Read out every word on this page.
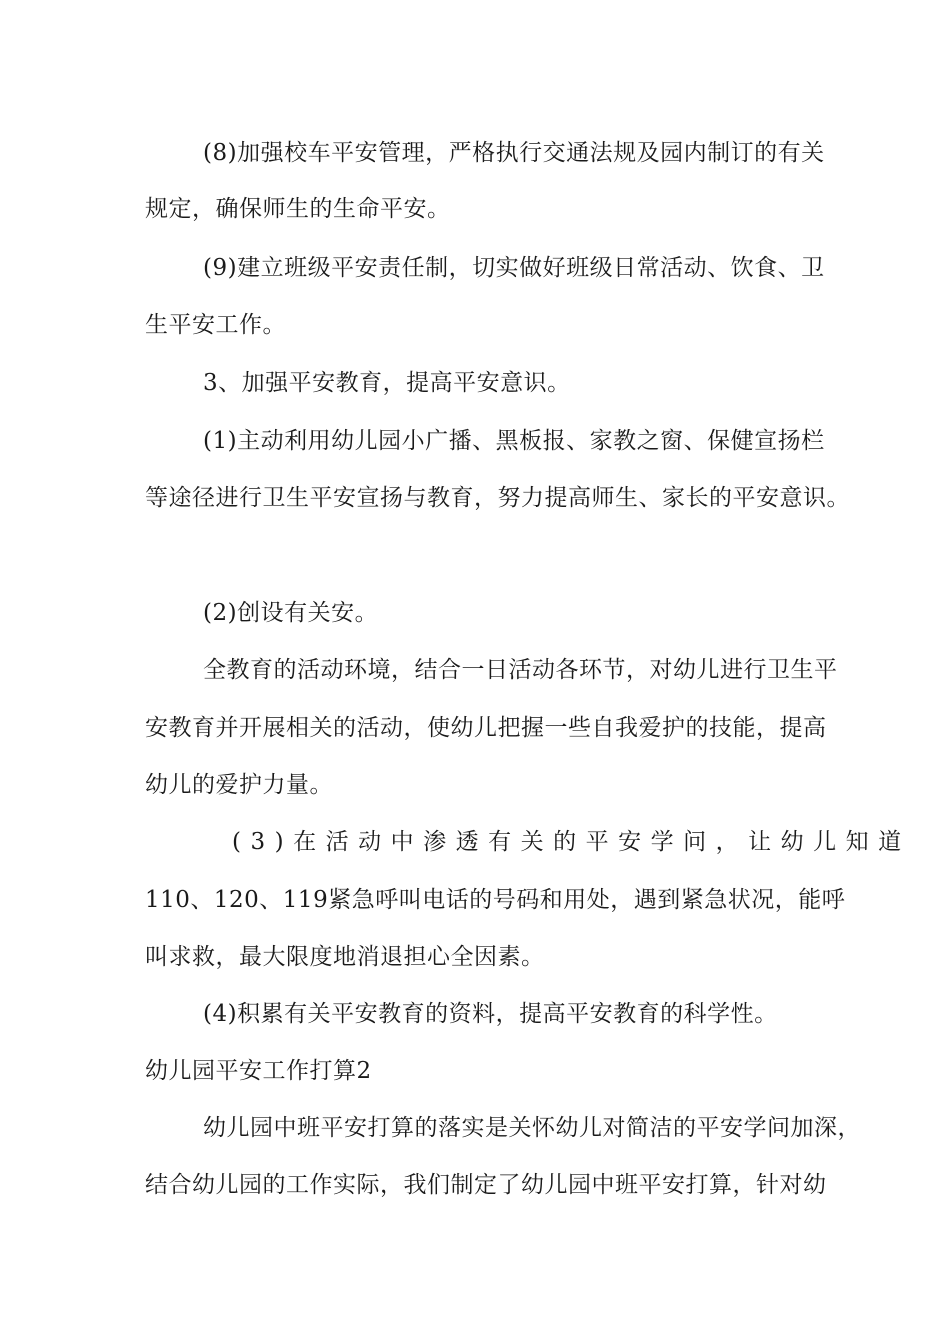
(8)加强校车平安管理，严格执行交通法规及园内制订的有关

规定，确保师生的生命平安。

(9)建立班级平安责任制，切实做好班级日常活动、饮食、卫

生平安工作。

3、加强平安教育，提高平安意识。

(1)主动利用幼儿园小广播、黑板报、家教之窗、保健宣扬栏

等途径进行卫生平安宣扬与教育，努力提高师生、家长的平安意识。

(2)创设有关安。

全教育的活动环境，结合一日活动各环节，对幼儿进行卫生平

安教育并开展相关的活动，使幼儿把握一些自我爱护的技能，提高

幼儿的爱护力量。

(3)在活动中渗透有关的平安学问，让幼儿知道

110、120、119紧急呼叫电话的号码和用处，遇到紧急状况，能呼

叫求救，最大限度地消退担心全因素。

(4)积累有关平安教育的资料，提高平安教育的科学性。

幼儿园平安工作打算2

幼儿园中班平安打算的落实是关怀幼儿对简洁的平安学问加深，

结合幼儿园的工作实际，我们制定了幼儿园中班平安打算，针对幼
